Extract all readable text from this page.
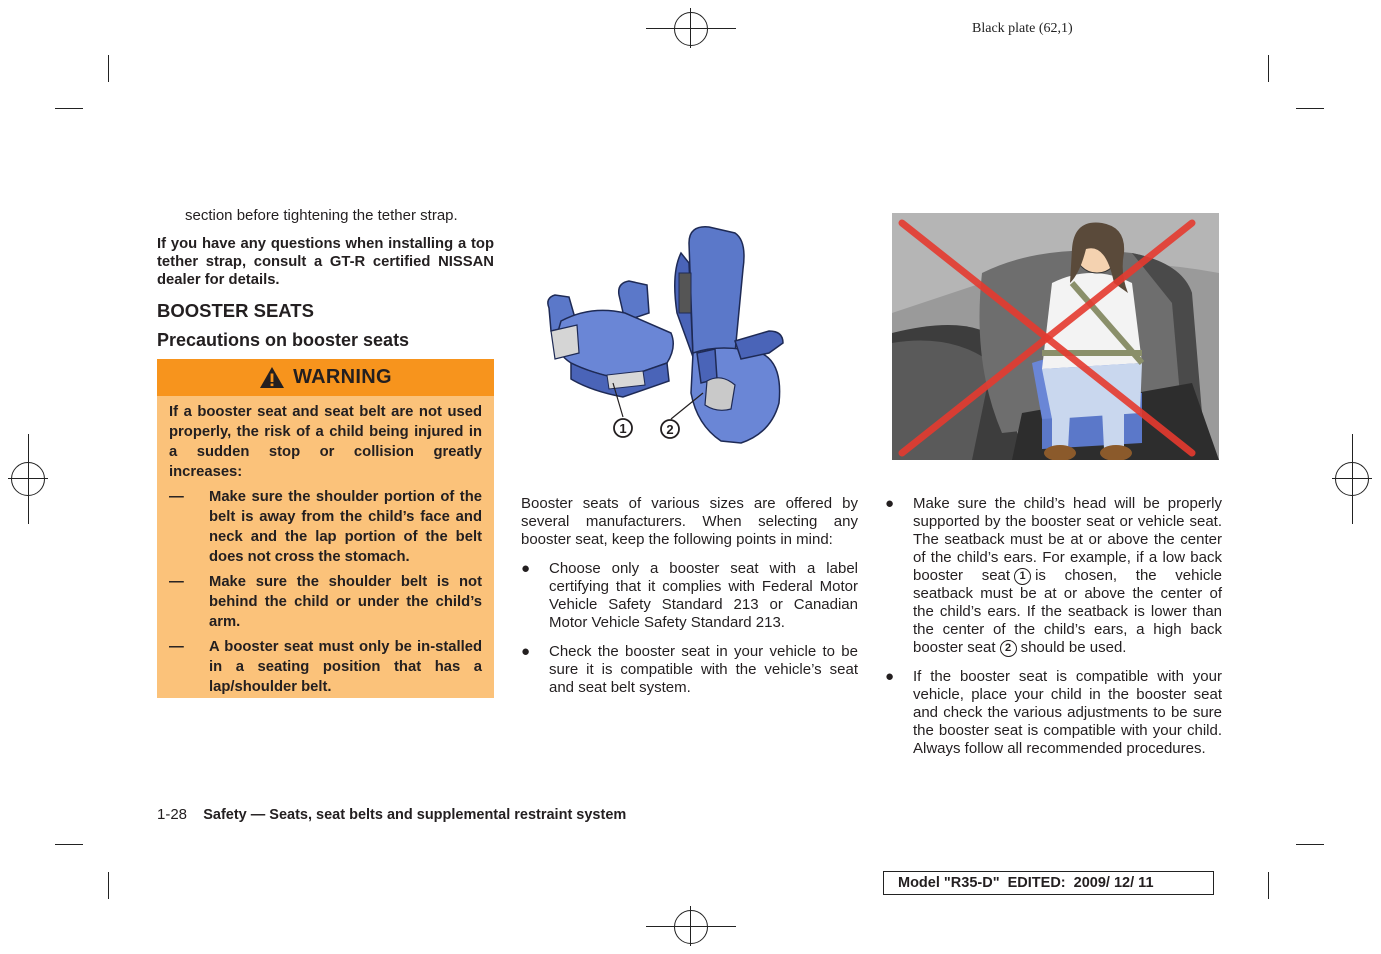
Black plate (62,1)
section before tightening the tether strap.
If you have any questions when installing a top tether strap, consult a GT-R certified NISSAN dealer for details.
BOOSTER SEATS
Precautions on booster seats
WARNING

If a booster seat and seat belt are not used properly, the risk of a child being injured in a sudden stop or collision greatly increases:

—	Make sure the shoulder portion of the belt is away from the child’s face and neck and the lap portion of the belt does not cross the stomach.
—	Make sure the shoulder belt is not behind the child or under the child’s arm.
—	A booster seat must only be in-stalled in a seating position that has a lap/shoulder belt.
1	2
Booster seats of various sizes are offered by several manufacturers. When selecting any booster seat, keep the following points in mind:
●	Choose only a booster seat with a label certifying that it complies with Federal Motor Vehicle Safety Standard 213 or Canadian Motor Vehicle Safety Standard 213.
●	Check the booster seat in your vehicle to be sure it is compatible with the vehicle’s seat and seat belt system.
●	Make sure the child’s head will be properly supported by the booster seat or vehicle seat. The seatback must be at or above the center of the child’s ears. For example, if a low back booster seat 1 is chosen, the vehicle seatback must be at or above the center of the child’s ears. If the seatback is lower than the center of the child’s ears, a high back booster seat 2 should be used.
●	If the booster seat is compatible with your vehicle, place your child in the booster seat and check the various adjustments to be sure the booster seat is compatible with your child. Always follow all recommended procedures.
1-28 Safety — Seats, seat belts and supplemental restraint system
Model "R35-D"  EDITED:  2009/ 12/ 11
